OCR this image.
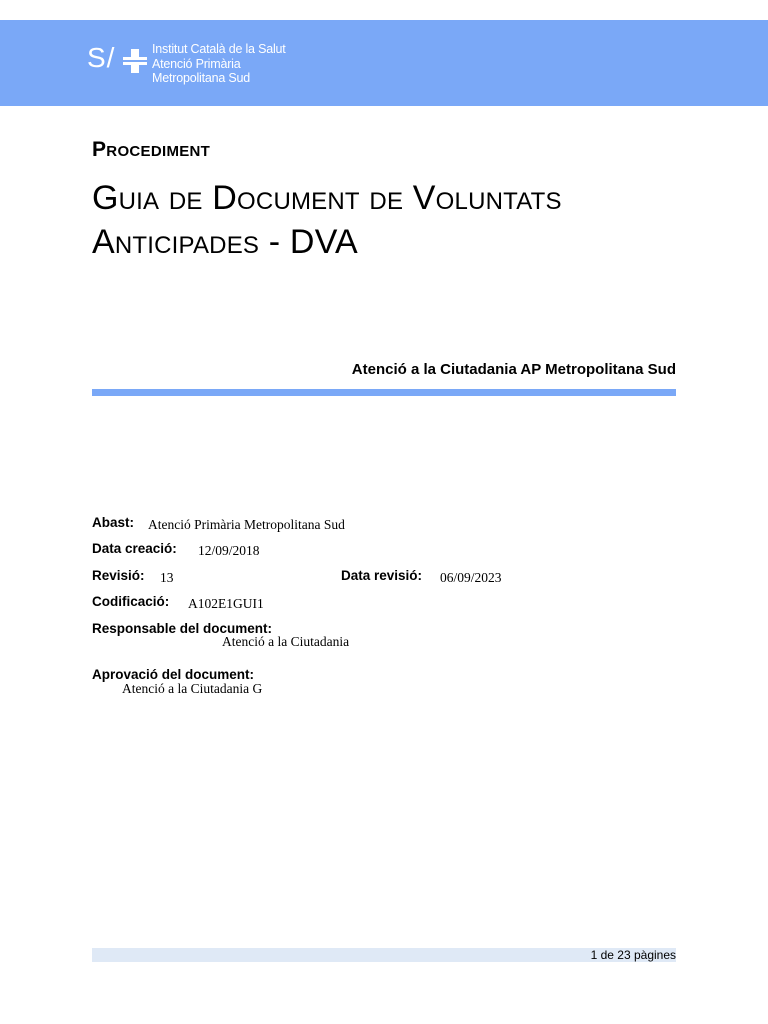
S/	Institut Català de la Salut
Atenció Primària
Metropolitana Sud
Procediment
Guia de Document de Voluntats
Anticipades - DVA
Atenció a la Ciutadania AP Metropolitana Sud
Abast: Atenció Primària Metropolitana Sud
Data creació: 12/09/2018
Revisió: 13	Data revisió: 06/09/2023
Codificació: A102E1GUI1
Responsable del document:
Atenció a la Ciutadania
Aprovació del document:
Atenció a la Ciutadania G
1 de 23 pàgines
